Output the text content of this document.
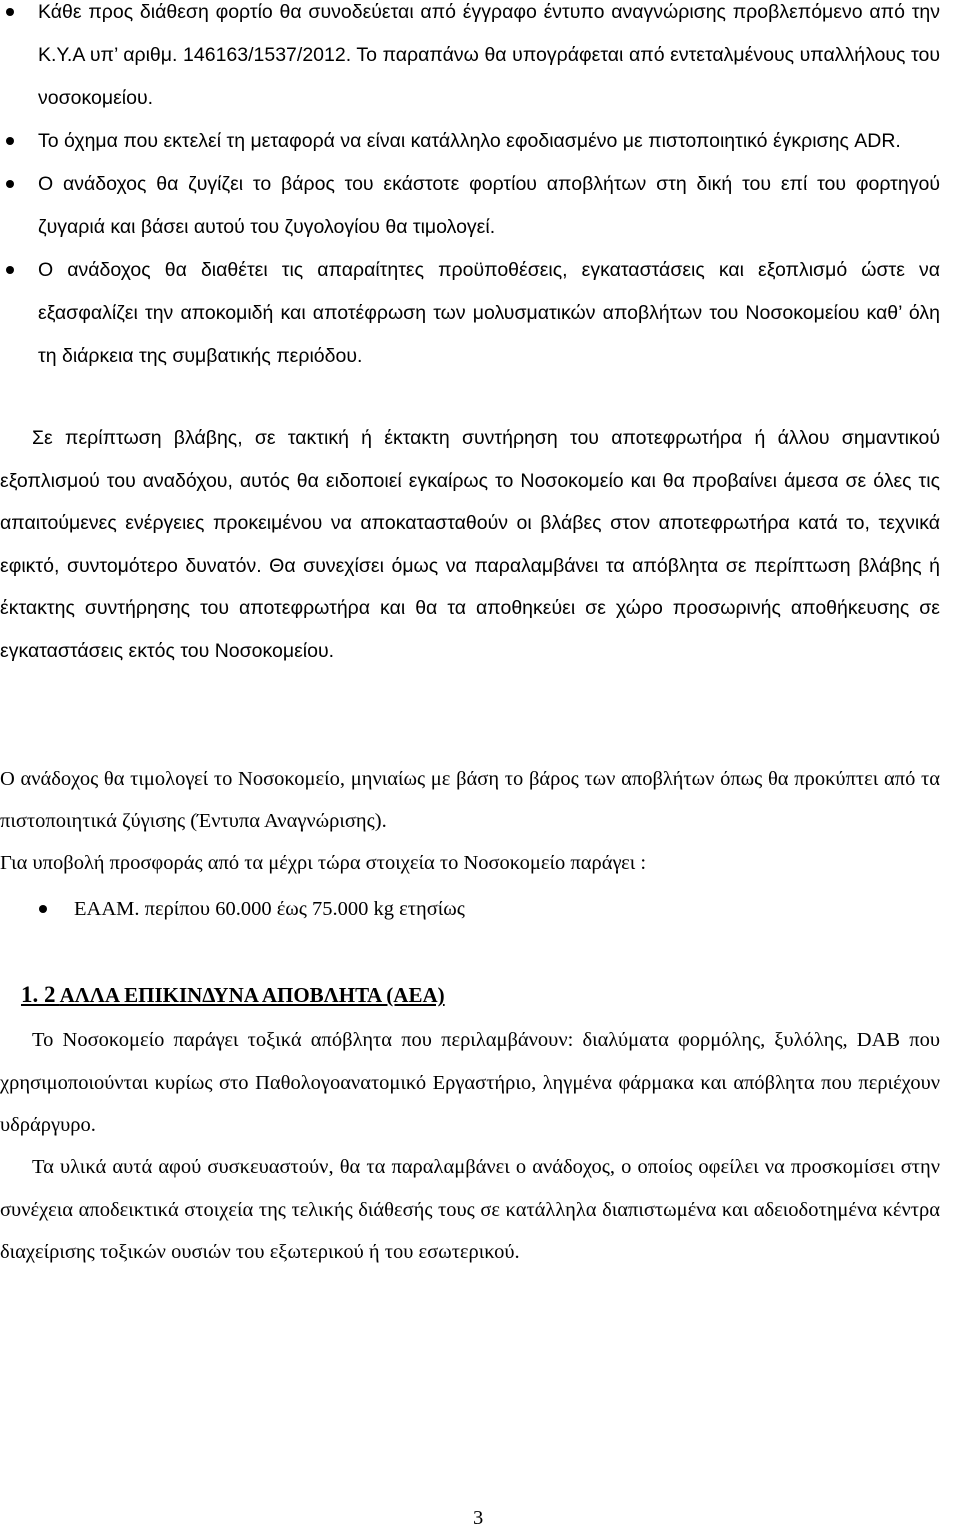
Κάθε προς διάθεση φορτίο θα συνοδεύεται από έγγραφο έντυπο αναγνώρισης προβλεπόμενο από την Κ.Υ.Α υπ’ αριθμ. 146163/1537/2012. Το παραπάνω θα υπογράφεται από εντεταλμένους υπαλλήλους του νοσοκομείου.
Το όχημα που εκτελεί τη μεταφορά να είναι κατάλληλο εφοδιασμένο με πιστοποιητικό έγκρισης ADR.
Ο ανάδοχος θα ζυγίζει το βάρος του εκάστοτε φορτίου αποβλήτων στη δική του επί του φορτηγού ζυγαριά και βάσει αυτού του ζυγολογίου θα τιμολογεί.
Ο ανάδοχος θα διαθέτει τις απαραίτητες προϋποθέσεις, εγκαταστάσεις και εξοπλισμό ώστε να εξασφαλίζει την αποκομιδή και αποτέφρωση των μολυσματικών αποβλήτων του Νοσοκομείου καθ’ όλη τη διάρκεια της συμβατικής περιόδου.

Σε περίπτωση βλάβης, σε τακτική ή έκτακτη συντήρηση του αποτεφρωτήρα ή άλλου σημαντικού εξοπλισμού του αναδόχου, αυτός θα ειδοποιεί εγκαίρως το Νοσοκομείο και θα προβαίνει άμεσα σε όλες τις απαιτούμενες ενέργειες προκειμένου να αποκατασταθούν οι βλάβες στον αποτεφρωτήρα κατά το, τεχνικά εφικτό, συντομότερο δυνατόν. Θα συνεχίσει όμως να παραλαμβάνει τα απόβλητα σε περίπτωση βλάβης ή έκτακτης συντήρησης του αποτεφρωτήρα και θα τα αποθηκεύει σε χώρο προσωρινής αποθήκευσης σε εγκαταστάσεις εκτός του Νοσοκομείου.

Ο ανάδοχος θα τιμολογεί το Νοσοκομείο, μηνιαίως με βάση το βάρος των αποβλήτων όπως θα προκύπτει από τα πιστοποιητικά ζύγισης (Έντυπα Αναγνώρισης).

Για υποβολή προσφοράς από τα μέχρι τώρα στοιχεία το Νοσοκομείο παράγει :

ΕΑΑΜ. περίπου 60.000 έως 75.000 kg ετησίως
1. 2 ΑΛΛΑ ΕΠΙΚΙΝΔΥΝΑ ΑΠΟΒΛΗΤΑ (ΑΕΑ)

Το Νοσοκομείο παράγει τοξικά απόβλητα που περιλαμβάνουν: διαλύματα φορμόλης, ξυλόλης, DAB που χρησιμοποιούνται κυρίως στο Παθολογοανατομικό Εργαστήριο, ληγμένα φάρμακα και απόβλητα που περιέχουν υδράργυρο.

Τα υλικά αυτά αφού συσκευαστούν, θα τα παραλαμβάνει ο ανάδοχος, ο οποίος οφείλει να προσκομίσει στην συνέχεια αποδεικτικά στοιχεία της τελικής διάθεσής τους σε κατάλληλα διαπιστωμένα και αδειοδοτημένα κέντρα διαχείρισης τοξικών ουσιών του εξωτερικού ή του εσωτερικού.

3
